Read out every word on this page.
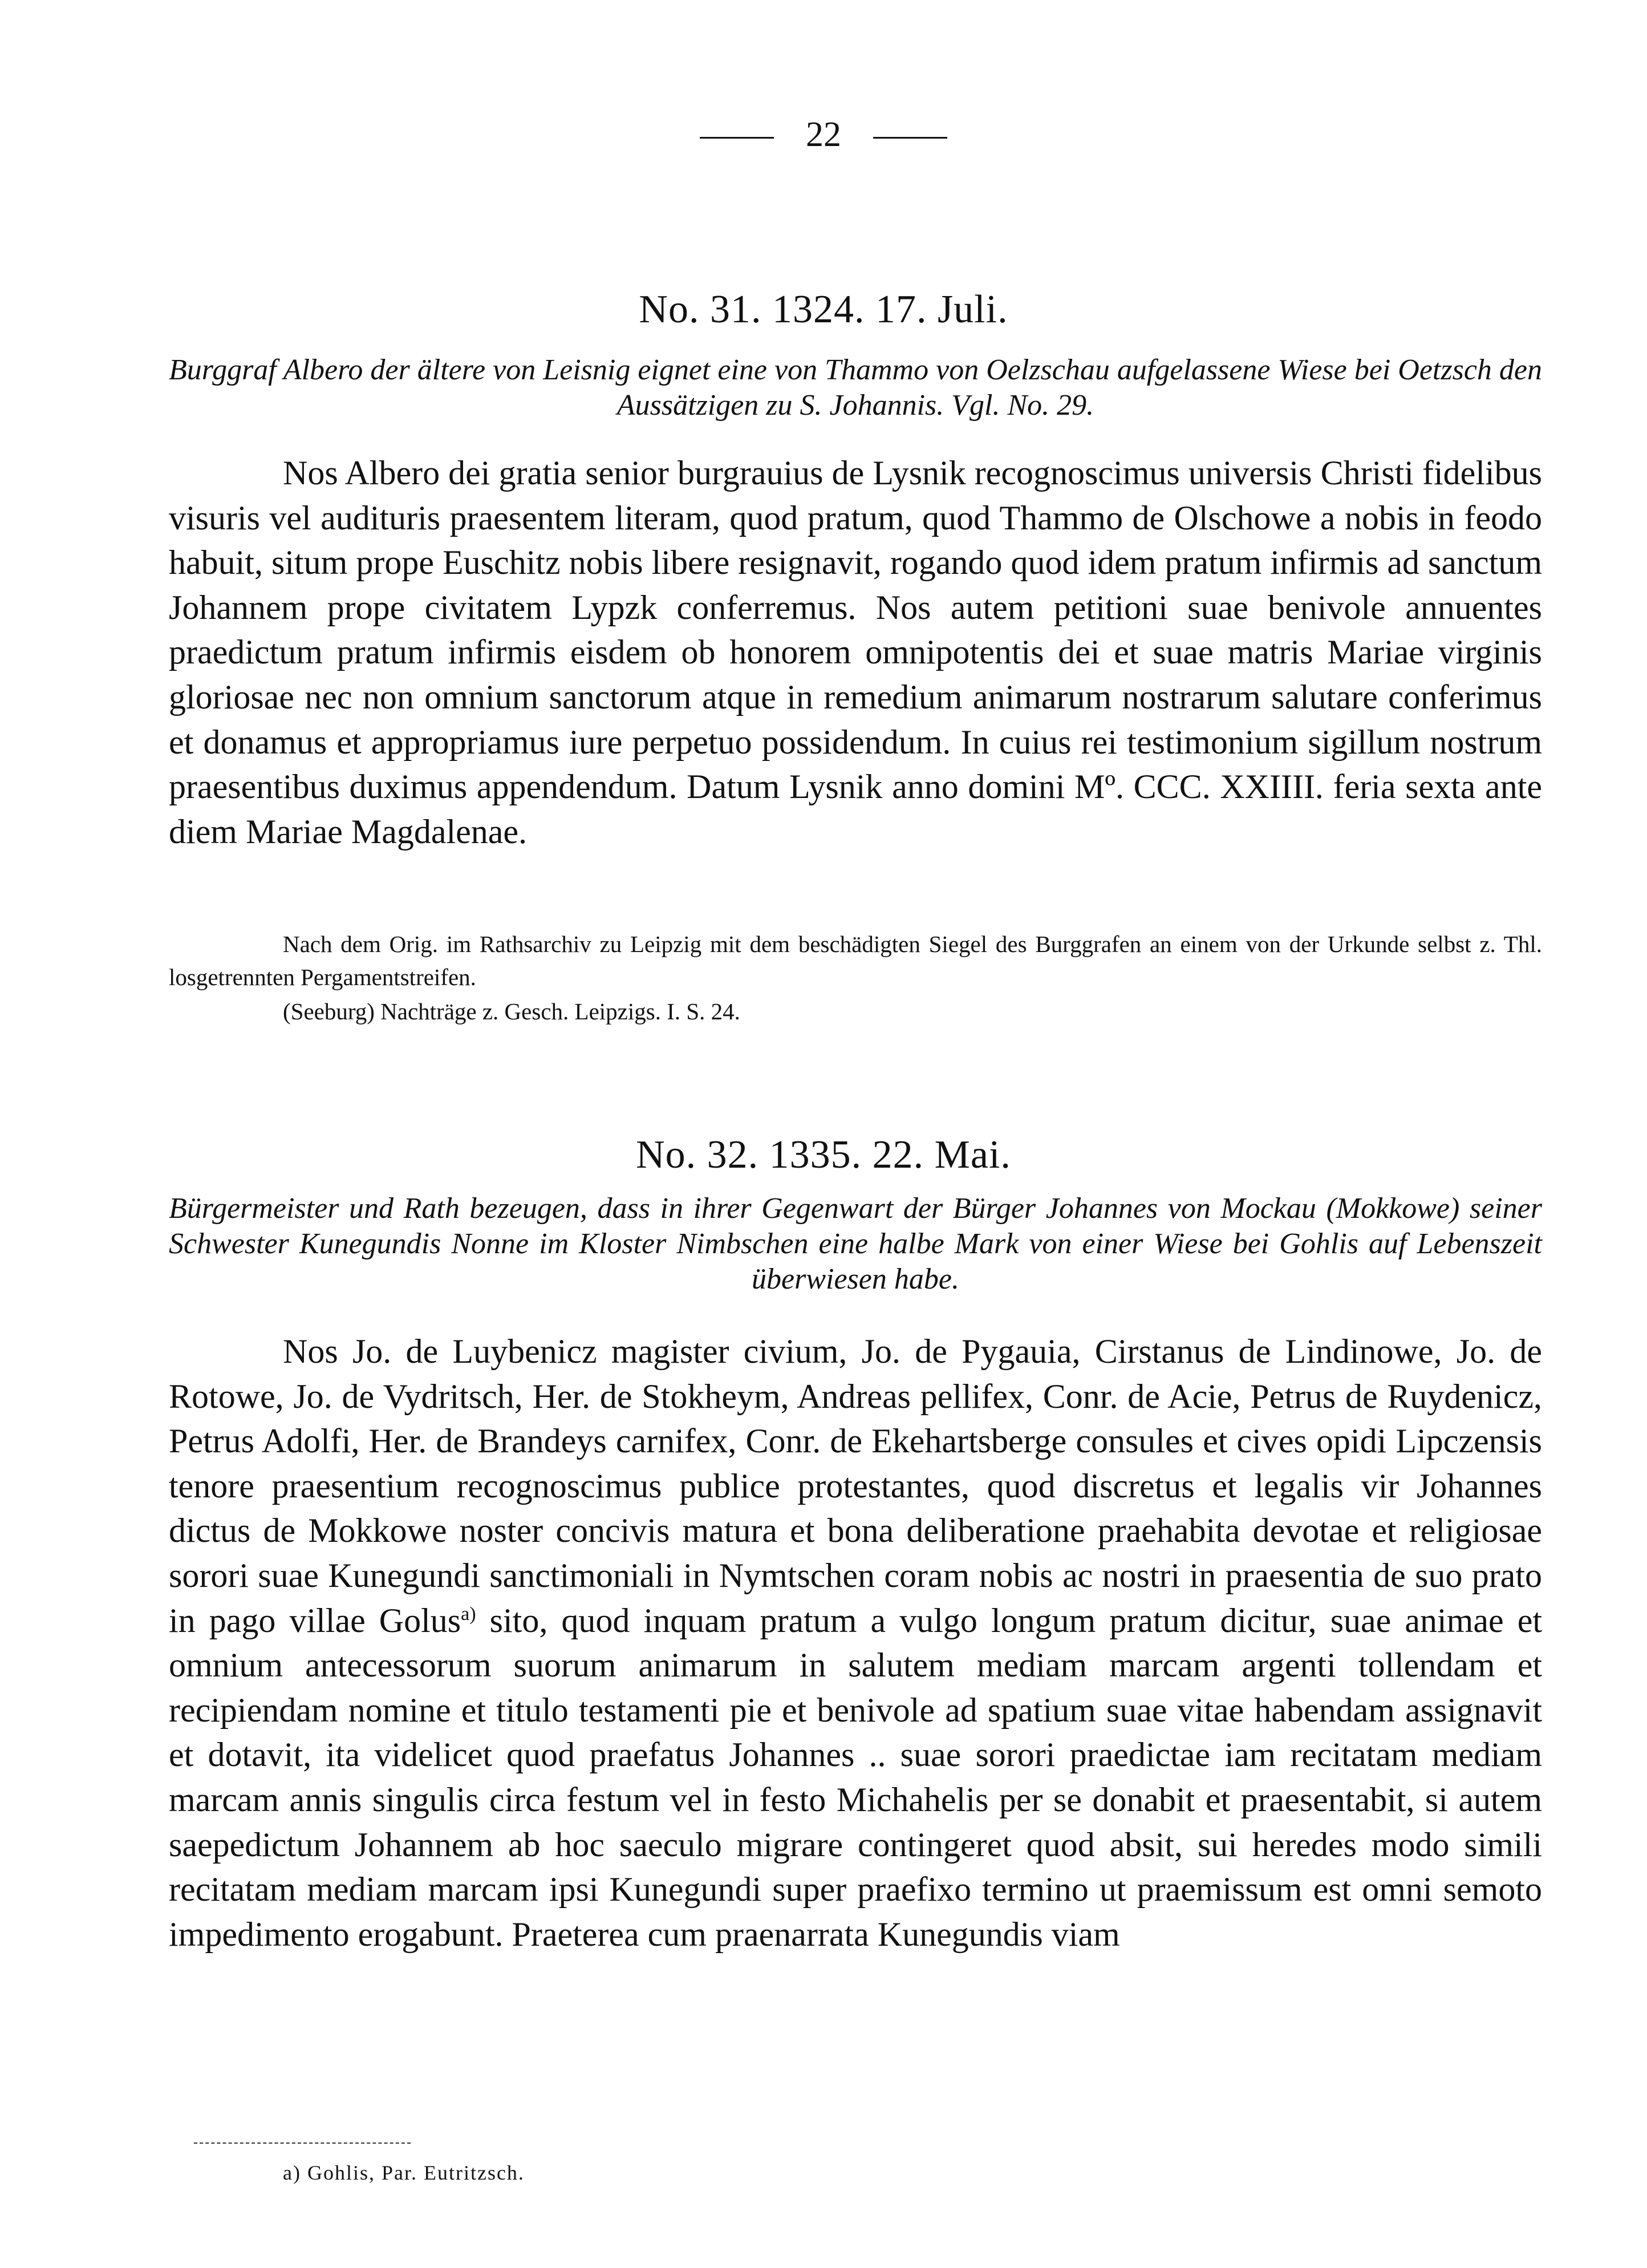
22
No. 31. 1324. 17. Juli.
Burggraf Albero der ältere von Leisnig eignet eine von Thammo von Oelzschau aufgelassene Wiese bei Oetzsch den Aussätzigen zu S. Johannis. Vgl. No. 29.

Nos Albero dei gratia senior burgrauius de Lysnik recognoscimus universis Christi fidelibus visuris vel audituris praesentem literam, quod pratum, quod Thammo de Olschowe a nobis in feodo habuit, situm prope Euschitz nobis libere resignavit, rogando quod idem pratum infirmis ad sanctum Johannem prope civitatem Lypzk conferremus. Nos autem petitioni suae benivole annuentes praedictum pratum infirmis eisdem ob honorem omnipotentis dei et suae matris Mariae virginis gloriosae nec non omnium sanctorum atque in remedium animarum nostrarum salutare conferimus et donamus et appropriamus iure perpetuo possidendum. In cuius rei testimonium sigillum nostrum praesentibus duximus appendendum. Datum Lysnik anno domini Mº. CCC. XXIIII. feria sexta ante diem Mariae Magdalenae.

Nach dem Orig. im Rathsarchiv zu Leipzig mit dem beschädigten Siegel des Burggrafen an einem von der Urkunde selbst z. Thl. losgetrennten Pergamentstreifen.

(Seeburg) Nachträge z. Gesch. Leipzigs. I. S. 24.
No. 32. 1335. 22. Mai.
Bürgermeister und Rath bezeugen, dass in ihrer Gegenwart der Bürger Johannes von Mockau (Mokkowe) seiner Schwester Kunegundis Nonne im Kloster Nimbschen eine halbe Mark von einer Wiese bei Gohlis auf Lebenszeit überwiesen habe.

Nos Jo. de Luybenicz magister civium, Jo. de Pygauia, Cirstanus de Lindinowe, Jo. de Rotowe, Jo. de Vydritsch, Her. de Stokheym, Andreas pellifex, Conr. de Acie, Petrus de Ruydenicz, Petrus Adolfi, Her. de Brandeys carnifex, Conr. de Ekehartsberge consules et cives opidi Lipczensis tenore praesentium recognoscimus publice protestantes, quod discretus et legalis vir Johannes dictus de Mokkowe noster concivis matura et bona deliberatione praehabita devotae et religiosae sorori suae Kunegundi sanctimoniali in Nymtschen coram nobis ac nostri in praesentia de suo prato in pago villae Golus$^{a)}$ sito, quod inquam pratum a vulgo longum pratum dicitur, suae animae et omnium antecessorum suorum animarum in salutem mediam marcam argenti tollendam et recipiendam nomine et titulo testamenti pie et benivole ad spatium suae vitae habendam assignavit et dotavit, ita videlicet quod praefatus Johannes .. suae sorori praedictae iam recitatam mediam marcam annis singulis circa festum vel in festo Michahelis per se donabit et praesentabit, si autem saepedictum Johannem ab hoc saeculo migrare contingeret quod absit, sui heredes modo simili recitatam mediam marcam ipsi Kunegundi super praefixo termino ut praemissum est omni semoto impedimento erogabunt. Praeterea cum praenarrata Kunegundis viam

a) Gohlis, Par. Eutritzsch.
